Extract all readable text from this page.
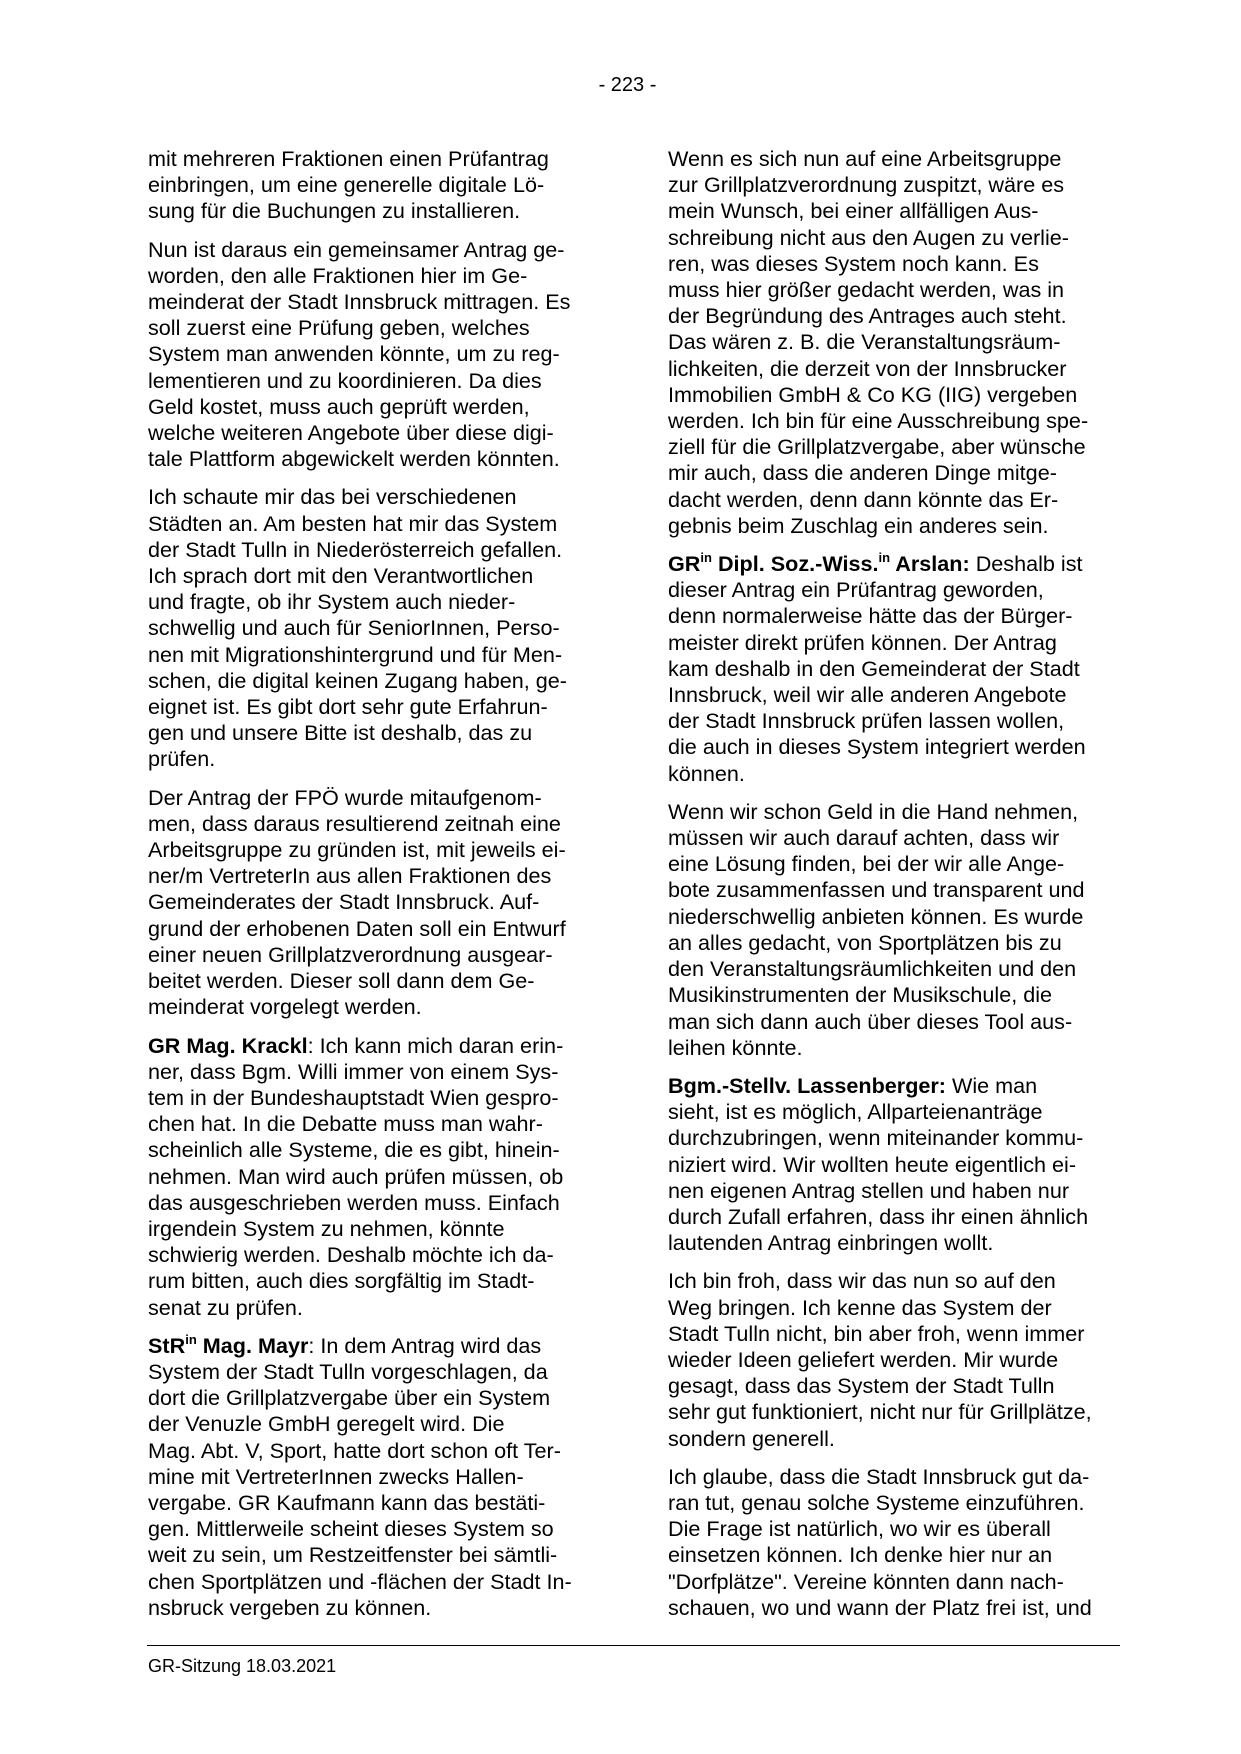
- 223 -

mit mehreren Fraktionen einen Prüfantrag
einbringen, um eine generelle digitale Lö-
sung für die Buchungen zu installieren.

Nun ist daraus ein gemeinsamer Antrag ge-
worden, den alle Fraktionen hier im Ge-
meinderat der Stadt Innsbruck mittragen. Es
soll zuerst eine Prüfung geben, welches
System man anwenden könnte, um zu reg-
lementieren und zu koordinieren. Da dies
Geld kostet, muss auch geprüft werden,
welche weiteren Angebote über diese digi-
tale Plattform abgewickelt werden könnten.

Ich schaute mir das bei verschiedenen
Städten an. Am besten hat mir das System
der Stadt Tulln in Niederösterreich gefallen.
Ich sprach dort mit den Verantwortlichen
und fragte, ob ihr System auch nieder-
schwellig und auch für SeniorInnen, Perso-
nen mit Migrationshintergrund und für Men-
schen, die digital keinen Zugang haben, ge-
eignet ist. Es gibt dort sehr gute Erfahrun-
gen und unsere Bitte ist deshalb, das zu
prüfen.

Der Antrag der FPÖ wurde mitaufgenom-
men, dass daraus resultierend zeitnah eine
Arbeitsgruppe zu gründen ist, mit jeweils ei-
ner/m VertreterIn aus allen Fraktionen des
Gemeinderates der Stadt Innsbruck. Auf-
grund der erhobenen Daten soll ein Entwurf
einer neuen Grillplatzverordnung ausgear-
beitet werden. Dieser soll dann dem Ge-
meinderat vorgelegt werden.

GR Mag. Krackl: Ich kann mich daran erin-
ner, dass Bgm. Willi immer von einem Sys-
tem in der Bundeshauptstadt Wien gespro-
chen hat. In die Debatte muss man wahr-
scheinlich alle Systeme, die es gibt, hinein-
nehmen. Man wird auch prüfen müssen, ob
das ausgeschrieben werden muss. Einfach
irgendein System zu nehmen, könnte
schwierig werden. Deshalb möchte ich da-
rum bitten, auch dies sorgfältig im Stadt-
senat zu prüfen.

StR$^{in}$ Mag. Mayr: In dem Antrag wird das
System der Stadt Tulln vorgeschlagen, da
dort die Grillplatzvergabe über ein System
der Venuzle GmbH geregelt wird. Die
Mag. Abt. V, Sport, hatte dort schon oft Ter-
mine mit VertreterInnen zwecks Hallen-
vergabe. GR Kaufmann kann das bestäti-
gen. Mittlerweile scheint dieses System so
weit zu sein, um Restzeitfenster bei sämtli-
chen Sportplätzen und -flächen der Stadt In-
nsbruck vergeben zu können.

Wenn es sich nun auf eine Arbeitsgruppe
zur Grillplatzverordnung zuspitzt, wäre es
mein Wunsch, bei einer allfälligen Aus-
schreibung nicht aus den Augen zu verlie-
ren, was dieses System noch kann. Es
muss hier größer gedacht werden, was in
der Begründung des Antrages auch steht.
Das wären z. B. die Veranstaltungsräum-
lichkeiten, die derzeit von der Innsbrucker
Immobilien GmbH & Co KG (IIG) vergeben
werden. Ich bin für eine Ausschreibung spe-
ziell für die Grillplatzvergabe, aber wünsche
mir auch, dass die anderen Dinge mitge-
dacht werden, denn dann könnte das Er-
gebnis beim Zuschlag ein anderes sein.

$GR^{in}$ Dipl. Soz.-Wiss.$^{in}$ Arslan: Deshalb ist
dieser Antrag ein Prüfantrag geworden,
denn normalerweise hätte das der Bürger-
meister direkt prüfen können. Der Antrag
kam deshalb in den Gemeinderat der Stadt
Innsbruck, weil wir alle anderen Angebote
der Stadt Innsbruck prüfen lassen wollen,
die auch in dieses System integriert werden
können.

Wenn wir schon Geld in die Hand nehmen,
müssen wir auch darauf achten, dass wir
eine Lösung finden, bei der wir alle Ange-
bote zusammenfassen und transparent und
niederschwellig anbieten können. Es wurde
an alles gedacht, von Sportplätzen bis zu
den Veranstaltungsräumlichkeiten und den
Musikinstrumenten der Musikschule, die
man sich dann auch über dieses Tool aus-
leihen könnte.

Bgm.-Stellv. Lassenberger: Wie man
sieht, ist es möglich, Allparteienanträge
durchzubringen, wenn miteinander kommu-
niziert wird. Wir wollten heute eigentlich ei-
nen eigenen Antrag stellen und haben nur
durch Zufall erfahren, dass ihr einen ähnlich
lautenden Antrag einbringen wollt.

Ich bin froh, dass wir das nun so auf den
Weg bringen. Ich kenne das System der
Stadt Tulln nicht, bin aber froh, wenn immer
wieder Ideen geliefert werden. Mir wurde
gesagt, dass das System der Stadt Tulln
sehr gut funktioniert, nicht nur für Grillplätze,
sondern generell.

Ich glaube, dass die Stadt Innsbruck gut da-
ran tut, genau solche Systeme einzuführen.
Die Frage ist natürlich, wo wir es überall
einsetzen können. Ich denke hier nur an
"Dorfplätze". Vereine könnten dann nach-
schauen, wo und wann der Platz frei ist, und

GR-Sitzung 18.03.2021
